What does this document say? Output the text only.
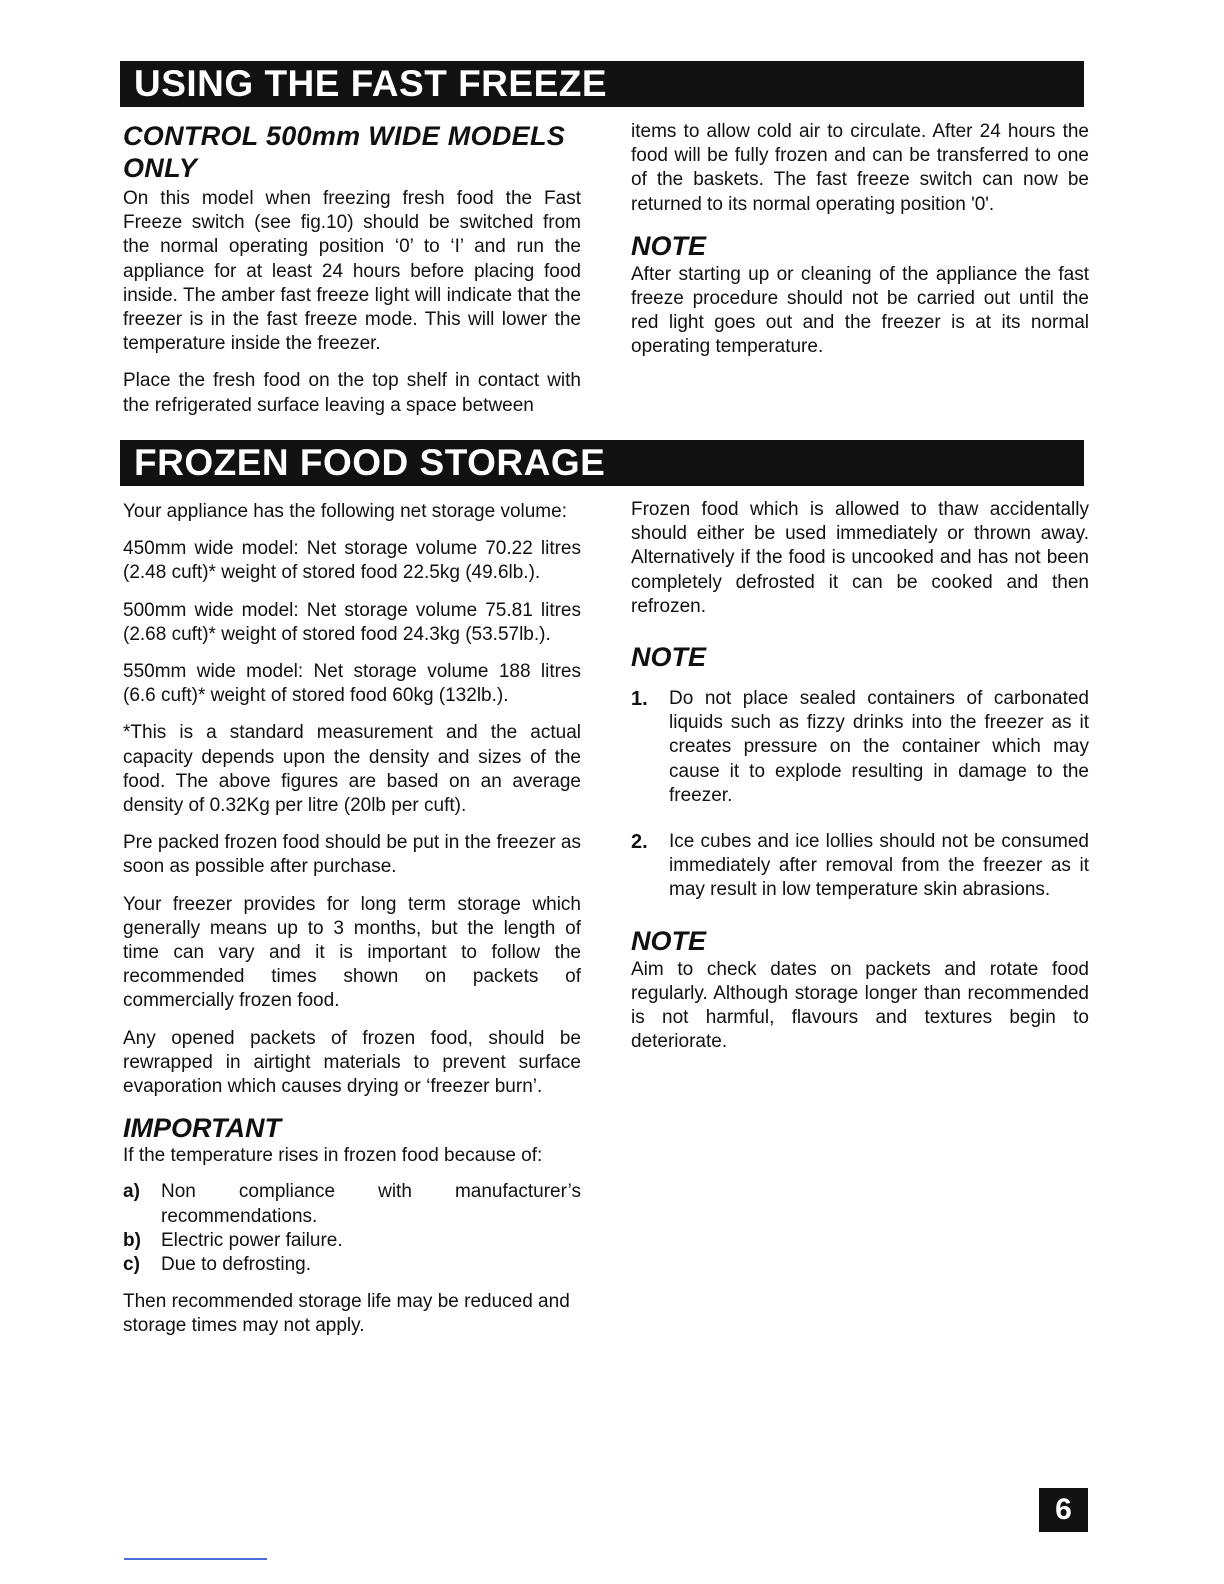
USING THE FAST FREEZE
CONTROL 500mm WIDE MODELS ONLY

On this model when freezing fresh food the Fast Freeze switch (see fig.10) should be switched from the normal operating position ‘0’ to ‘I’ and run the appliance for at least 24 hours before placing food inside. The amber fast freeze light will indicate that the freezer is in the fast freeze mode. This will lower the temperature inside the freezer.

Place the fresh food on the top shelf in contact with the refrigerated surface leaving a space between

items to allow cold air to circulate. After 24 hours the food will be fully frozen and can be transferred to one of the baskets. The fast freeze switch can now be returned to its normal operating position '0'.

NOTE

After starting up or cleaning of the appliance the fast freeze procedure should not be carried out until the red light goes out and the freezer is at its normal operating temperature.

FROZEN FOOD STORAGE

Your appliance has the following net storage volume:

450mm wide model: Net storage volume 70.22 litres (2.48 cuft)* weight of stored food 22.5kg (49.6lb.).

500mm wide model: Net storage volume 75.81 litres (2.68 cuft)* weight of stored food 24.3kg (53.57lb.).

550mm wide model: Net storage volume 188 litres (6.6 cuft)* weight of stored food 60kg (132lb.).

*This is a standard measurement and the actual capacity depends upon the density and sizes of the food. The above figures are based on an average density of 0.32Kg per litre (20lb per cuft).

Pre packed frozen food should be put in the freezer as soon as possible after purchase.

Your freezer provides for long term storage which generally means up to 3 months, but the length of time can vary and it is important to follow the recommended times shown on packets of commercially frozen food.

Any opened packets of frozen food, should be rewrapped in airtight materials to prevent surface evaporation which causes drying or ‘freezer burn’.

IMPORTANT

If the temperature rises in frozen food because of:

a) Non compliance with manufacturer’s recommendations.
b) Electric power failure.
c) Due to defrosting.

Then recommended storage life may be reduced and storage times may not apply.

Frozen food which is allowed to thaw accidentally should either be used immediately or thrown away. Alternatively if the food is uncooked and has not been completely defrosted it can be cooked and then refrozen.

NOTE
1. Do not place sealed containers of carbonated liquids such as fizzy drinks into the freezer as it creates pressure on the container which may cause it to explode resulting in damage to the freezer.
2. Ice cubes and ice lollies should not be consumed immediately after removal from the freezer as it may result in low temperature skin abrasions.
NOTE

Aim to check dates on packets and rotate food regularly. Although storage longer than recommended is not harmful, flavours and textures begin to deteriorate.

6
